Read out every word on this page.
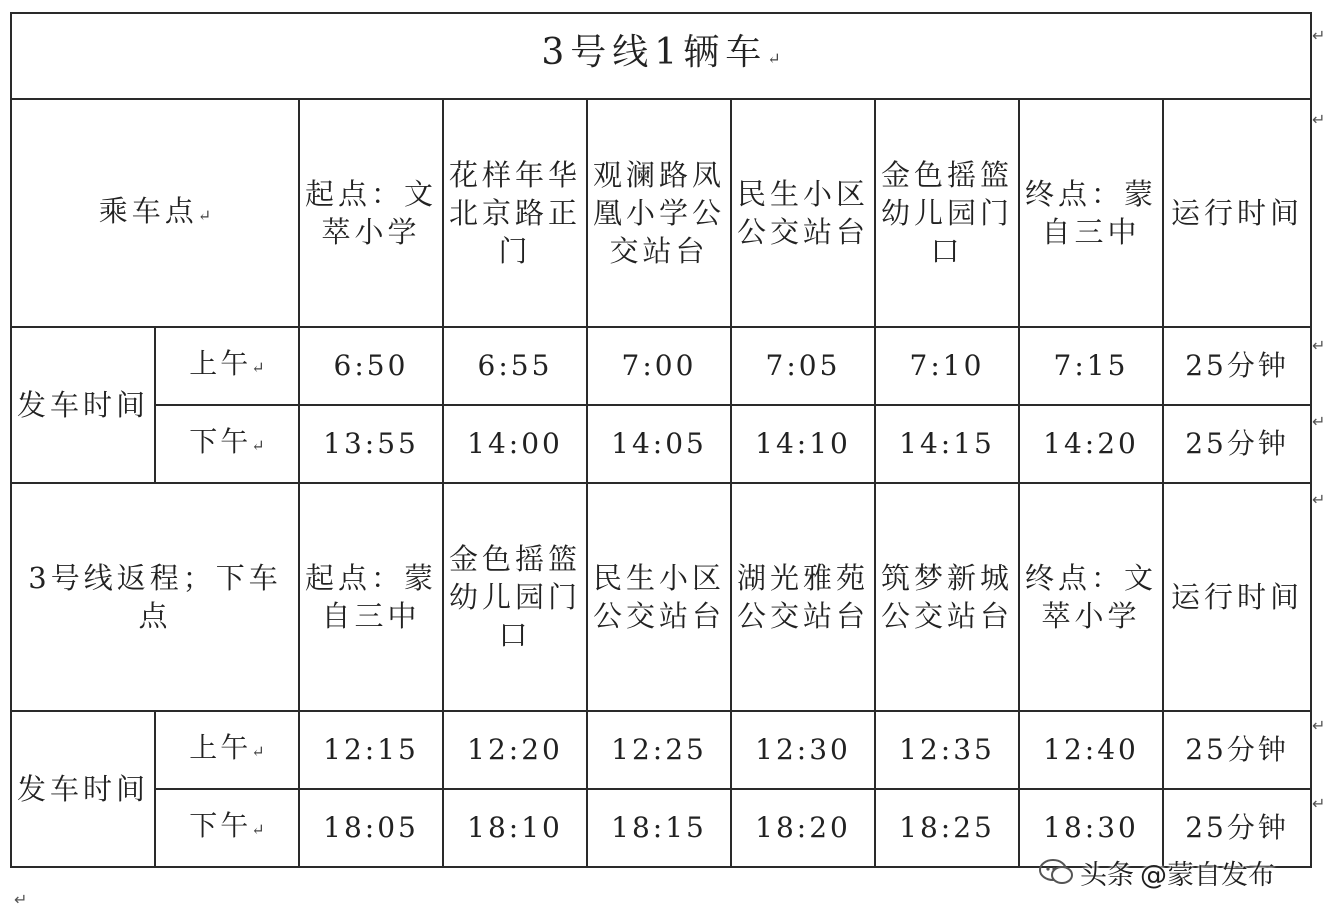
3号线1辆车↵								
乘车点↵		起点：文萃小学	花样年华北京路正门	观澜路凤凰小学公交站台	民生小区公交站台	金色摇篮幼儿园门口	终点：蒙自三中	运行时间
发车时间	上午↵	6:50	6:55	7:00	7:05	7:10	7:15	25分钟
	下午↵	13:55	14:00	14:05	14:10	14:15	14:20	25分钟
3号线返程；下车点		起点：蒙自三中	金色摇篮幼儿园门口	民生小区公交站台	湖光雅苑公交站台	筑梦新城公交站台	终点：文萃小学	运行时间
发车时间	上午↵	12:15	12:20	12:25	12:30	12:35	12:40	25分钟
	下午↵	18:05	18:10	18:15	18:20	18:25	18:30	25分钟
↵
↵
↵
↵
↵
↵
↵
↵
头条 @蒙自发布
